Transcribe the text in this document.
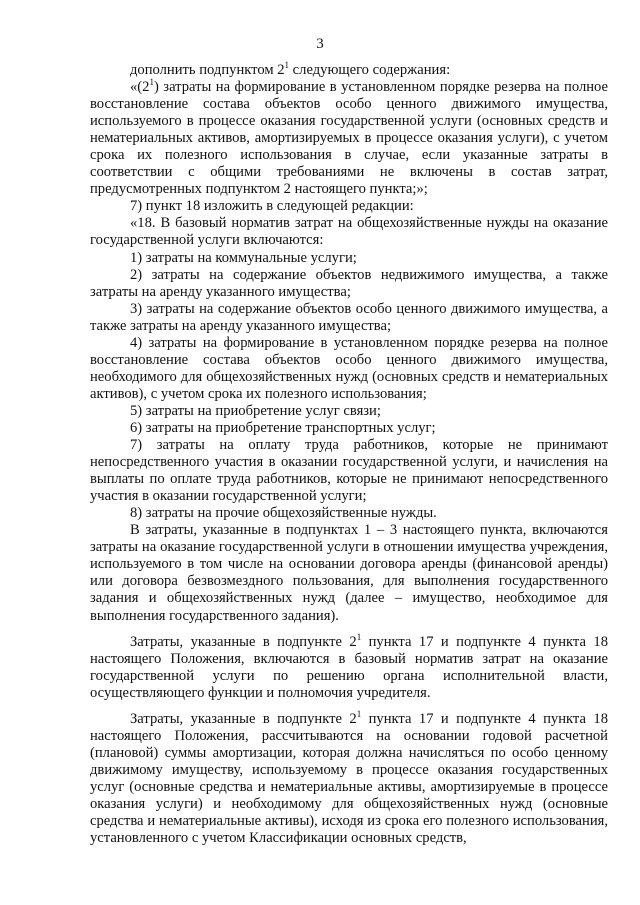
3

дополнить подпунктом $2^1$ следующего содержания:

«$(2^1)$ затраты на формирование в установленном порядке резерва на полное восстановление состава объектов особо ценного движимого имущества, используемого в процессе оказания государственной услуги (основных средств и нематериальных активов, амортизируемых в процессе оказания услуги), с учетом срока их полезного использования в случае, если указанные затраты в соответствии с общими требованиями не включены в состав затрат, предусмотренных подпунктом 2 настоящего пункта;»;

7) пункт 18 изложить в следующей редакции:

«18. В базовый норматив затрат на общехозяйственные нужды на оказание государственной услуги включаются:

1) затраты на коммунальные услуги;

2) затраты на содержание объектов недвижимого имущества, а также затраты на аренду указанного имущества;

3) затраты на содержание объектов особо ценного движимого имущества, а также затраты на аренду указанного имущества;

4) затраты на формирование в установленном порядке резерва на полное восстановление состава объектов особо ценного движимого имущества, необходимого для общехозяйственных нужд (основных средств и нематериальных активов), с учетом срока их полезного использования;

5) затраты на приобретение услуг связи;

6) затраты на приобретение транспортных услуг;

7) затраты на оплату труда работников, которые не принимают непосредственного участия в оказании государственной услуги, и начисления на выплаты по оплате труда работников, которые не принимают непосредственного участия в оказании государственной услуги;

8) затраты на прочие общехозяйственные нужды.

В затраты, указанные в подпунктах 1 – 3 настоящего пункта, включаются затраты на оказание государственной услуги в отношении имущества учреждения, используемого в том числе на основании договора аренды (финансовой аренды) или договора безвозмездного пользования, для выполнения государственного задания и общехозяйственных нужд (далее – имущество, необходимое для выполнения государственного задания).

Затраты, указанные в подпункте $2^1$ пункта 17 и подпункте 4 пункта 18 настоящего Положения, включаются в базовый норматив затрат на оказание государственной услуги по решению органа исполнительной власти, осуществляющего функции и полномочия учредителя.

Затраты, указанные в подпункте $2^1$ пункта 17 и подпункте 4 пункта 18 настоящего Положения, рассчитываются на основании годовой расчетной (плановой) суммы амортизации, которая должна начисляться по особо ценному движимому имуществу, используемому в процессе оказания государственных услуг (основные средства и нематериальные активы, амортизируемые в процессе оказания услуги) и необходимому для общехозяйственных нужд (основные средства и нематериальные активы), исходя из срока его полезного использования, установленного с учетом Классификации основных средств,
